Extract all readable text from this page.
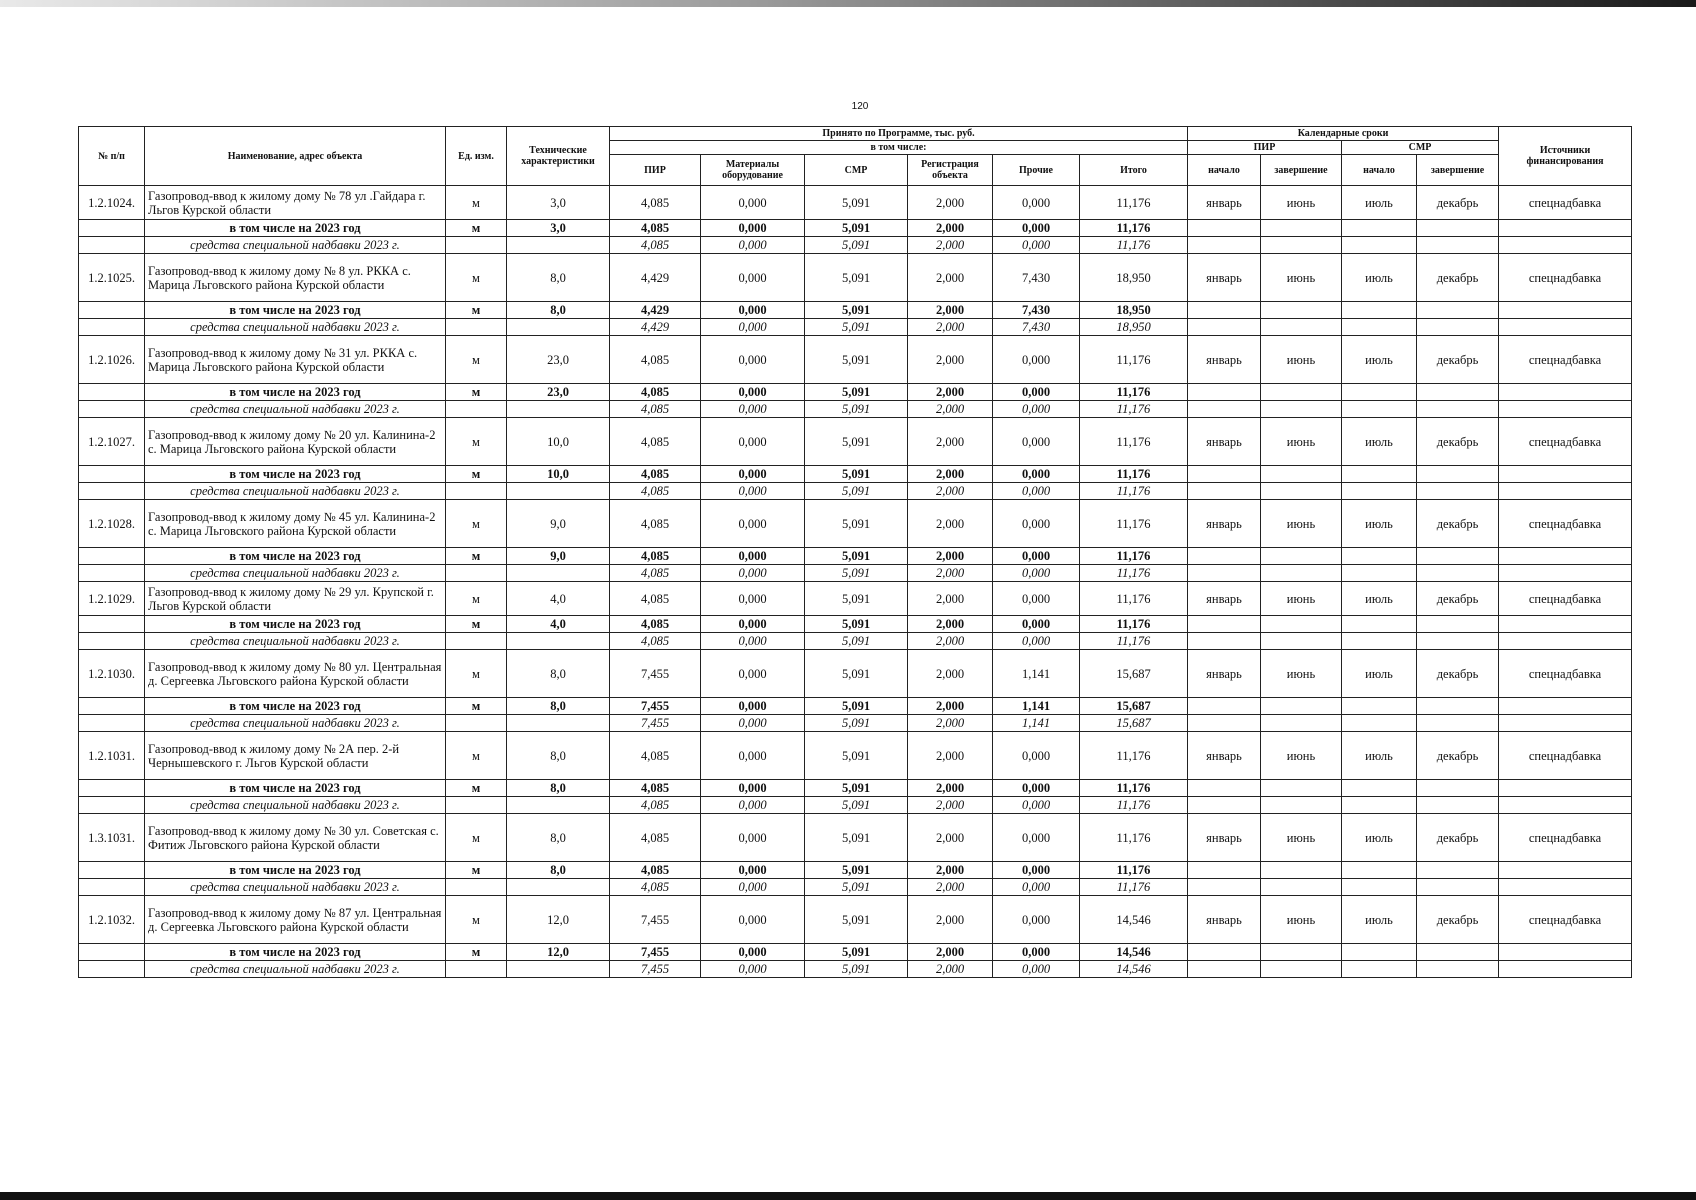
120
№ п/п	Наименование, адрес объекта	Ед. изм.	Технические характеристики	Принято по Программе, тыс. руб.						Календарные сроки				Источники финансирования
				в том числе:						ПИР		СМР		
				ПИР	Материалы оборудование	СМР	Регистрация объекта	Прочие	Итого	начало	завершение	начало	завершение	
1.2.1024.	Газопровод-ввод к жилому дому № 78 ул .Гайдара г. Льгов Курской области	м	3,0	4,085	0,000	5,091	2,000	0,000	11,176	январь	июнь	июль	декабрь	спецнадбавка
	в том числе на 2023 год	м	3,0	4,085	0,000	5,091	2,000	0,000	11,176					
	средства специальной надбавки 2023 г.			4,085	0,000	5,091	2,000	0,000	11,176					
1.2.1025.	Газопровод-ввод к жилому дому № 8 ул. РККА с. Марица Льговского района Курской области	м	8,0	4,429	0,000	5,091	2,000	7,430	18,950	январь	июнь	июль	декабрь	спецнадбавка
	в том числе на 2023 год	м	8,0	4,429	0,000	5,091	2,000	7,430	18,950					
	средства специальной надбавки 2023 г.			4,429	0,000	5,091	2,000	7,430	18,950					
1.2.1026.	Газопровод-ввод к жилому дому № 31 ул. РККА с. Марица Льговского района Курской области	м	23,0	4,085	0,000	5,091	2,000	0,000	11,176	январь	июнь	июль	декабрь	спецнадбавка
	в том числе на 2023 год	м	23,0	4,085	0,000	5,091	2,000	0,000	11,176					
	средства специальной надбавки 2023 г.			4,085	0,000	5,091	2,000	0,000	11,176					
1.2.1027.	Газопровод-ввод к жилому дому № 20 ул. Калинина-2 с. Марица Льговского района Курской области	м	10,0	4,085	0,000	5,091	2,000	0,000	11,176	январь	июнь	июль	декабрь	спецнадбавка
	в том числе на 2023 год	м	10,0	4,085	0,000	5,091	2,000	0,000	11,176					
	средства специальной надбавки 2023 г.			4,085	0,000	5,091	2,000	0,000	11,176					
1.2.1028.	Газопровод-ввод к жилому дому № 45 ул. Калинина-2 с. Марица Льговского района Курской области	м	9,0	4,085	0,000	5,091	2,000	0,000	11,176	январь	июнь	июль	декабрь	спецнадбавка
	в том числе на 2023 год	м	9,0	4,085	0,000	5,091	2,000	0,000	11,176					
	средства специальной надбавки 2023 г.			4,085	0,000	5,091	2,000	0,000	11,176					
1.2.1029.	Газопровод-ввод к жилому дому № 29 ул. Крупской г. Льгов Курской области	м	4,0	4,085	0,000	5,091	2,000	0,000	11,176	январь	июнь	июль	декабрь	спецнадбавка
	в том числе на 2023 год	м	4,0	4,085	0,000	5,091	2,000	0,000	11,176					
	средства специальной надбавки 2023 г.			4,085	0,000	5,091	2,000	0,000	11,176					
1.2.1030.	Газопровод-ввод к жилому дому № 80 ул. Центральная д. Сергеевка Льговского района Курской области	м	8,0	7,455	0,000	5,091	2,000	1,141	15,687	январь	июнь	июль	декабрь	спецнадбавка
	в том числе на 2023 год	м	8,0	7,455	0,000	5,091	2,000	1,141	15,687					
	средства специальной надбавки 2023 г.			7,455	0,000	5,091	2,000	1,141	15,687					
1.2.1031.	Газопровод-ввод к жилому дому № 2А пер. 2-й Чернышевского г. Льгов Курской области	м	8,0	4,085	0,000	5,091	2,000	0,000	11,176	январь	июнь	июль	декабрь	спецнадбавка
	в том числе на 2023 год	м	8,0	4,085	0,000	5,091	2,000	0,000	11,176					
	средства специальной надбавки 2023 г.			4,085	0,000	5,091	2,000	0,000	11,176					
1.3.1031.	Газопровод-ввод к жилому дому № 30 ул. Советская с. Фитиж Льговского района Курской области	м	8,0	4,085	0,000	5,091	2,000	0,000	11,176	январь	июнь	июль	декабрь	спецнадбавка
	в том числе на 2023 год	м	8,0	4,085	0,000	5,091	2,000	0,000	11,176					
	средства специальной надбавки 2023 г.			4,085	0,000	5,091	2,000	0,000	11,176					
1.2.1032.	Газопровод-ввод к жилому дому № 87 ул. Центральная д. Сергеевка Льговского района Курской области	м	12,0	7,455	0,000	5,091	2,000	0,000	14,546	январь	июнь	июль	декабрь	спецнадбавка
	в том числе на 2023 год	м	12,0	7,455	0,000	5,091	2,000	0,000	14,546					
	средства специальной надбавки 2023 г.			7,455	0,000	5,091	2,000	0,000	14,546					
